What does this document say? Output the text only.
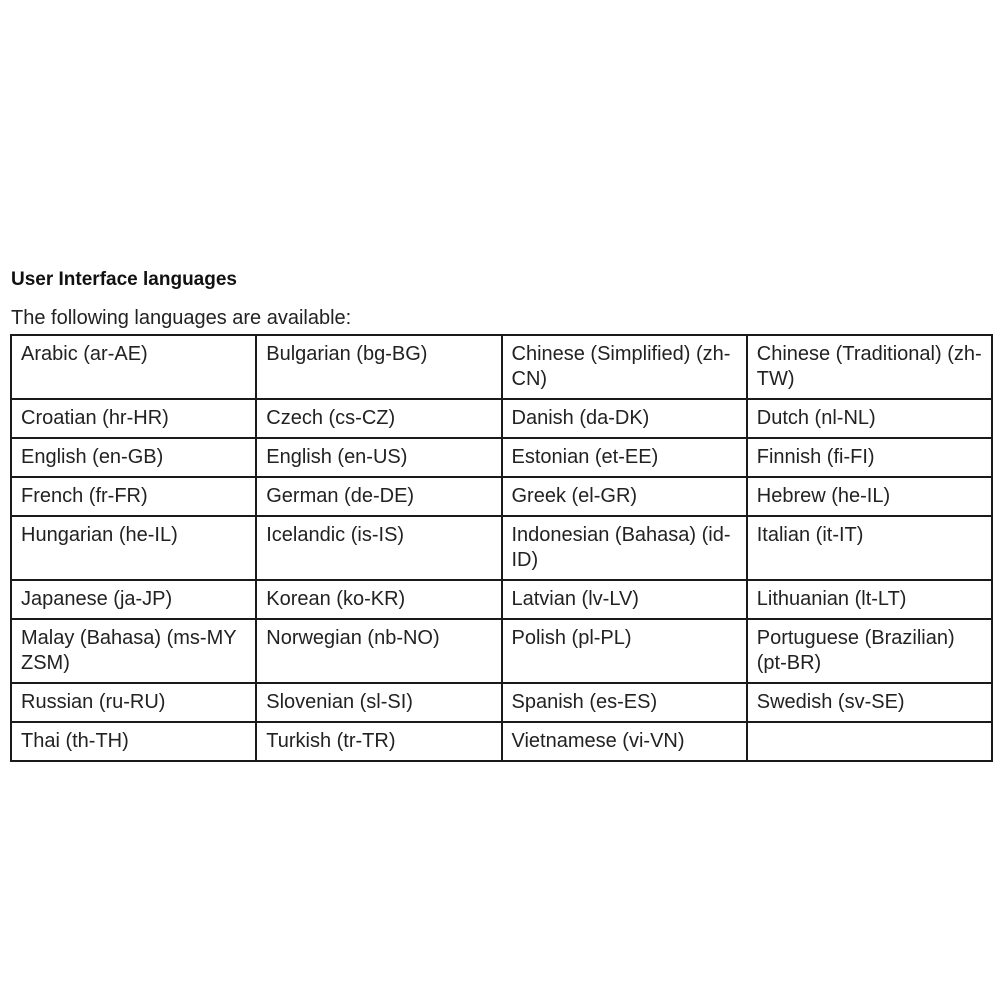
User Interface languages

The following languages are available:

Arabic (ar-AE)	Bulgarian (bg-BG)	Chinese (Simplified) (zh-CN)	Chinese (Traditional) (zh-TW)
Croatian (hr-HR)	Czech (cs-CZ)	Danish (da-DK)	Dutch (nl-NL)
English (en-GB)	English (en-US)	Estonian (et-EE)	Finnish (fi-FI)
French (fr-FR)	German (de-DE)	Greek (el-GR)	Hebrew (he-IL)
Hungarian (he-IL)	Icelandic (is-IS)	Indonesian (Bahasa) (id-ID)	Italian (it-IT)
Japanese (ja-JP)	Korean (ko-KR)	Latvian (lv-LV)	Lithuanian (lt-LT)
Malay (Bahasa) (ms-MY ZSM)	Norwegian (nb-NO)	Polish (pl-PL)	Portuguese (Brazilian) (pt-BR)
Russian (ru-RU)	Slovenian (sl-SI)	Spanish (es-ES)	Swedish (sv-SE)
Thai (th-TH)	Turkish (tr-TR)	Vietnamese (vi-VN)	
